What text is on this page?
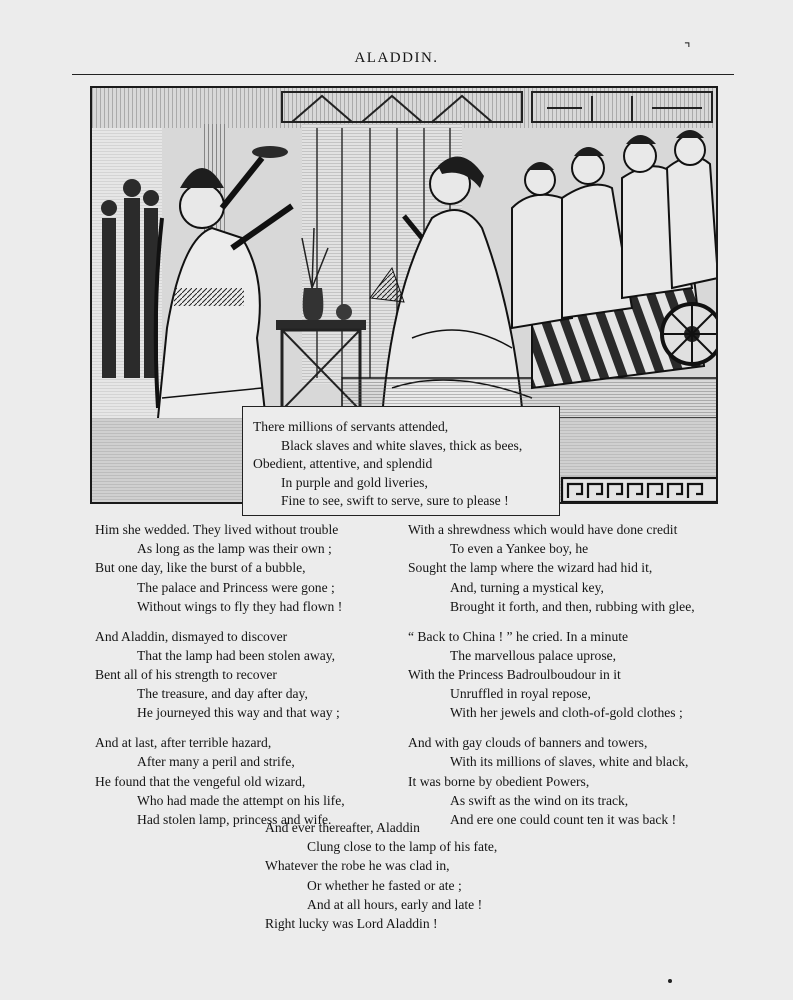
ALADDIN.
⌝
There millions of servants attended,
Black slaves and white slaves, thick as bees,
Obedient, attentive, and splendid
In purple and gold liveries,
Fine to see, swift to serve, sure to please !
Him she wedded. They lived without trouble
As long as the lamp was their own ;
But one day, like the burst of a bubble,
The palace and Princess were gone ;
Without wings to fly they had flown !
And Aladdin, dismayed to discover
That the lamp had been stolen away,
Bent all of his strength to recover
The treasure, and day after day,
He journeyed this way and that way ;
And at last, after terrible hazard,
After many a peril and strife,
He found that the vengeful old wizard,
Who had made the attempt on his life,
Had stolen lamp, princess and wife.
With a shrewdness which would have done credit
To even a Yankee boy, he
Sought the lamp where the wizard had hid it,
And, turning a mystical key,
Brought it forth, and then, rubbing with glee,
“ Back to China ! ” he cried. In a minute
The marvellous palace uprose,
With the Princess Badroulboudour in it
Unruffled in royal repose,
With her jewels and cloth-of-gold clothes ;
And with gay clouds of banners and towers,
With its millions of slaves, white and black,
It was borne by obedient Powers,
As swift as the wind on its track,
And ere one could count ten it was back !
And ever thereafter, Aladdin
Clung close to the lamp of his fate,
Whatever the robe he was clad in,
Or whether he fasted or ate ;
And at all hours, early and late !
Right lucky was Lord Aladdin !
